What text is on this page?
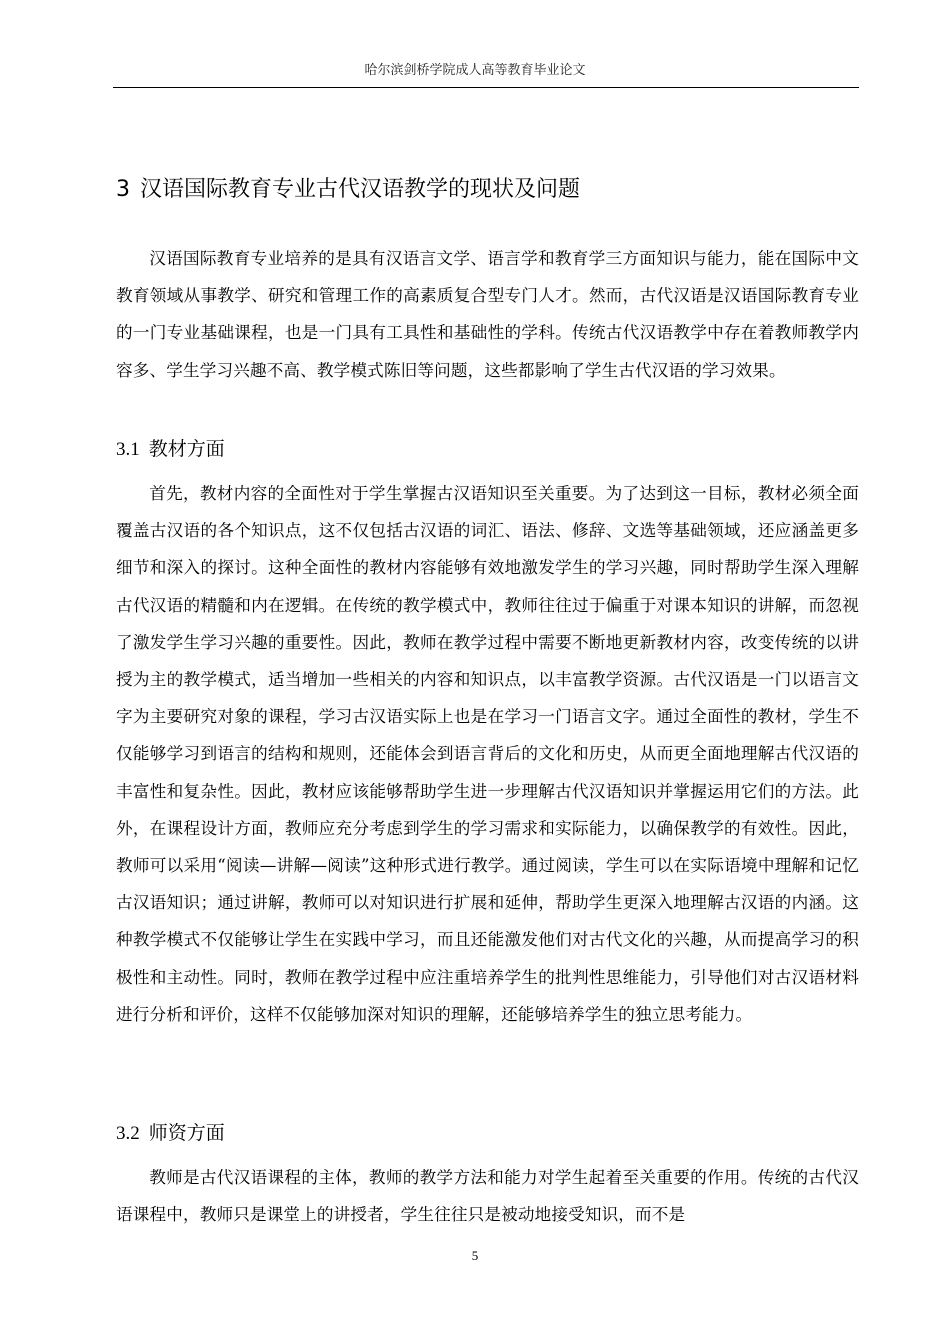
哈尔滨剑桥学院成人高等教育毕业论文
3 汉语国际教育专业古代汉语教学的现状及问题

汉语国际教育专业培养的是具有汉语言文学、语言学和教育学三方面知识与能力，能在国际中文教育领域从事教学、研究和管理工作的高素质复合型专门人才。然而，古代汉语是汉语国际教育专业的一门专业基础课程，也是一门具有工具性和基础性的学科。传统古代汉语教学中存在着教师教学内容多、学生学习兴趣不高、教学模式陈旧等问题，这些都影响了学生古代汉语的学习效果。

3.1 教材方面

首先，教材内容的全面性对于学生掌握古汉语知识至关重要。为了达到这一目标，教材必须全面覆盖古汉语的各个知识点，这不仅包括古汉语的词汇、语法、修辞、文选等基础领域，还应涵盖更多细节和深入的探讨。这种全面性的教材内容能够有效地激发学生的学习兴趣，同时帮助学生深入理解古代汉语的精髓和内在逻辑。在传统的教学模式中，教师往往过于偏重于对课本知识的讲解，而忽视了激发学生学习兴趣的重要性。因此，教师在教学过程中需要不断地更新教材内容，改变传统的以讲授为主的教学模式，适当增加一些相关的内容和知识点，以丰富教学资源。古代汉语是一门以语言文字为主要研究对象的课程，学习古汉语实际上也是在学习一门语言文字。通过全面性的教材，学生不仅能够学习到语言的结构和规则，还能体会到语言背后的文化和历史，从而更全面地理解古代汉语的丰富性和复杂性。因此，教材应该能够帮助学生进一步理解古代汉语知识并掌握运用它们的方法。此外，在课程设计方面，教师应充分考虑到学生的学习需求和实际能力，以确保教学的有效性。因此，教师可以采用“阅读—讲解—阅读”这种形式进行教学。通过阅读，学生可以在实际语境中理解和记忆古汉语知识；通过讲解，教师可以对知识进行扩展和延伸，帮助学生更深入地理解古汉语的内涵。这种教学模式不仅能够让学生在实践中学习，而且还能激发他们对古代文化的兴趣，从而提高学习的积极性和主动性。同时，教师在教学过程中应注重培养学生的批判性思维能力，引导他们对古汉语材料进行分析和评价，这样不仅能够加深对知识的理解，还能够培养学生的独立思考能力。

3.2 师资方面

教师是古代汉语课程的主体，教师的教学方法和能力对学生起着至关重要的作用。传统的古代汉语课程中，教师只是课堂上的讲授者，学生往往只是被动地接受知识，而不是

5
